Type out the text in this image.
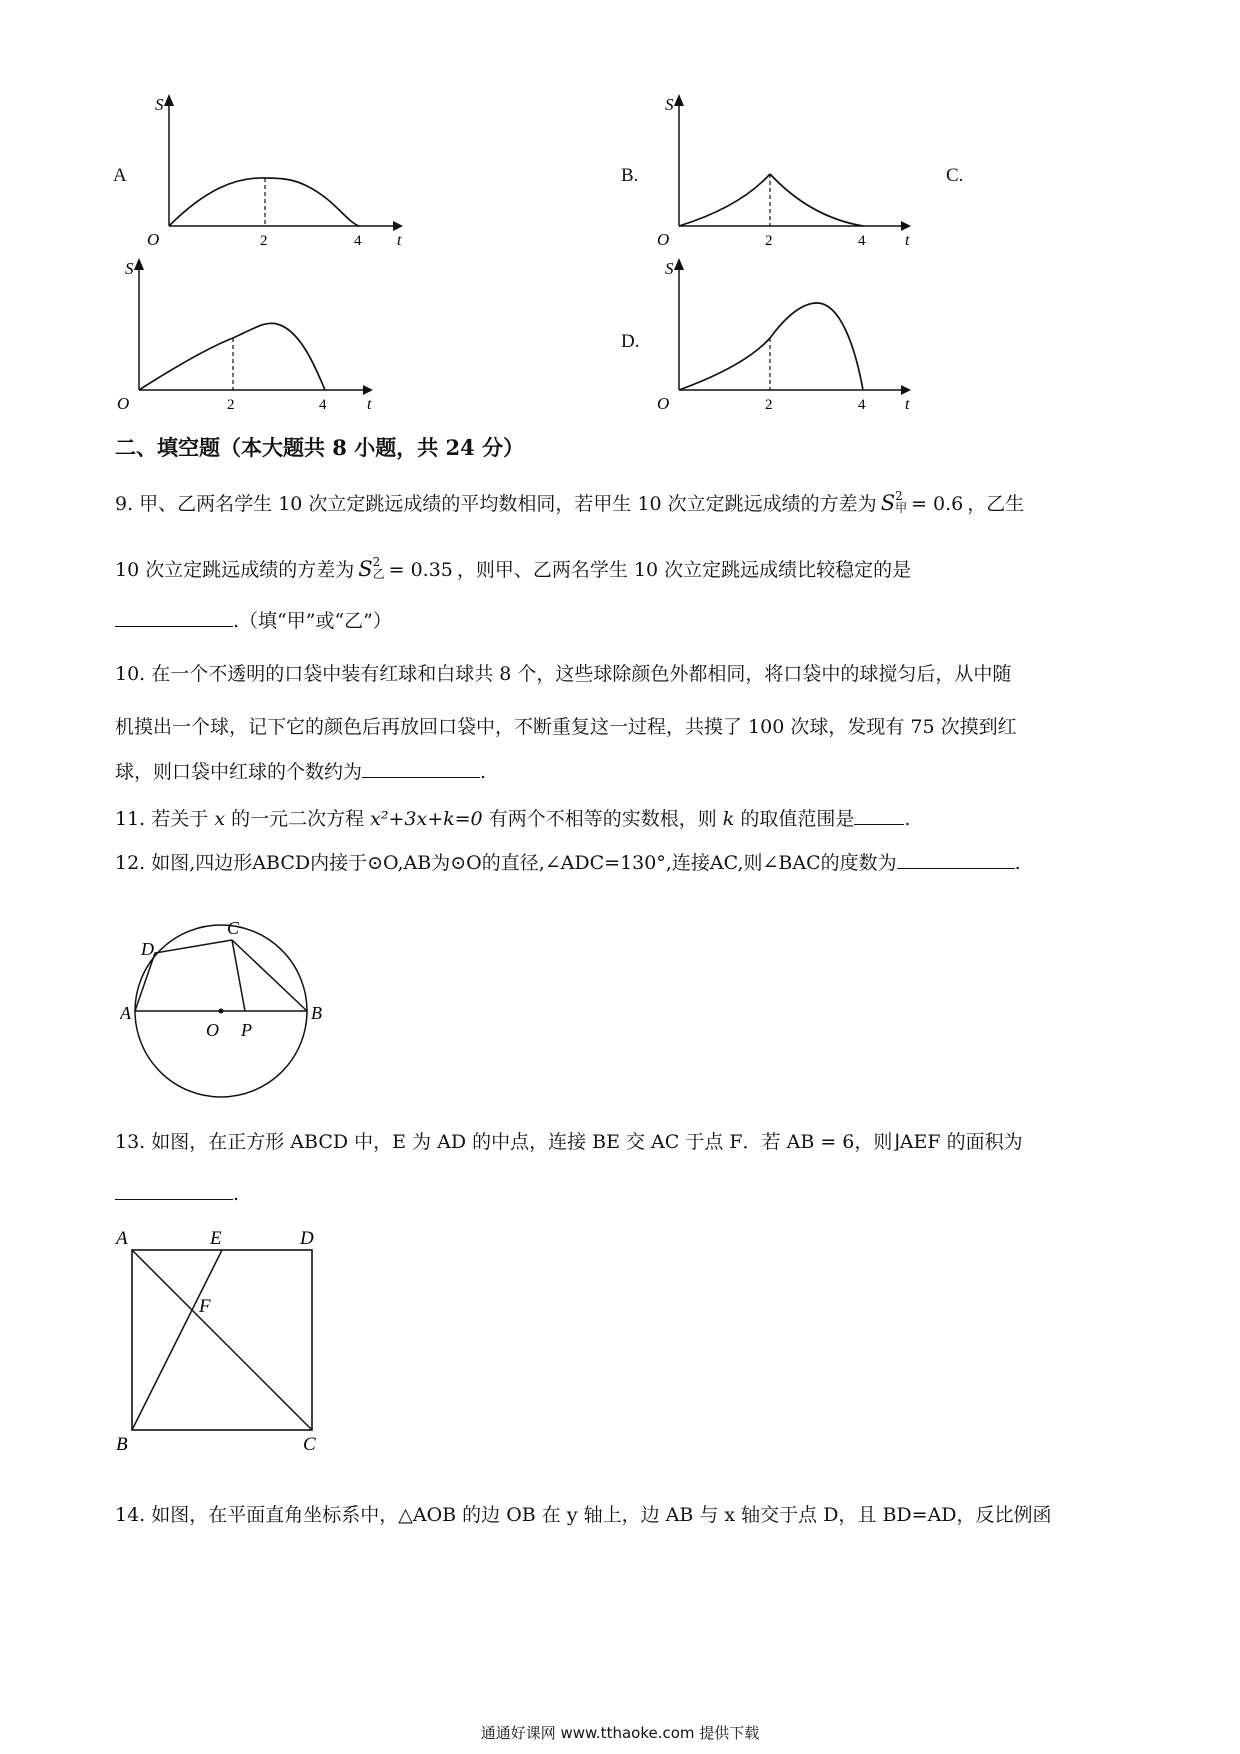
A	B.	C.
D.
S
O	2	4 t
S
O	2	4 t
S
O	2	4	t
S
O	2	4 t
二、填空题（本大题共 8 小题，共 24 分）
9. 甲、乙两名学生 10 次立定跳远成绩的平均数相同，若甲生 10 次立定跳远成绩的方差为 S2
甲 = 0.6 ，乙生
10 次立定跳远成绩的方差为 S2
乙 = 0.35 ，则甲、乙两名学生 10 次立定跳远成绩比较稳定的是
.（填“甲”或“乙”）
10. 在一个不透明的口袋中装有红球和白球共 8 个，这些球除颜色外都相同，将口袋中的球搅匀后，从中随
机摸出一个球，记下它的颜色后再放回口袋中，不断重复这一过程，共摸了 100 次球，发现有 75 次摸到红
球，则口袋中红球的个数约为	.
11. 若关于 x 的一元二次方程 x²+3x+k=0 有两个不相等的实数根，则 k 的取值范围是	.
12. 如图,四边形ABCD内接于⊙O,AB为⊙O的直径,∠ADC=130°,连接AC,则∠BAC的度数为	.
A	B
C
D
O P
13. 如图，在正方形 ABCD 中，E 为 AD 的中点，连接 BE 交 AC 于点 F．若 AB = 6，则⌋AEF 的面积为
.
A	E	D
F
B	C
14. 如图，在平面直角坐标系中，△AOB 的边 OB 在 y 轴上，边 AB 与 x 轴交于点 D，且 BD=AD，反比例函
通通好课网 www.tthaoke.com 提供下载
